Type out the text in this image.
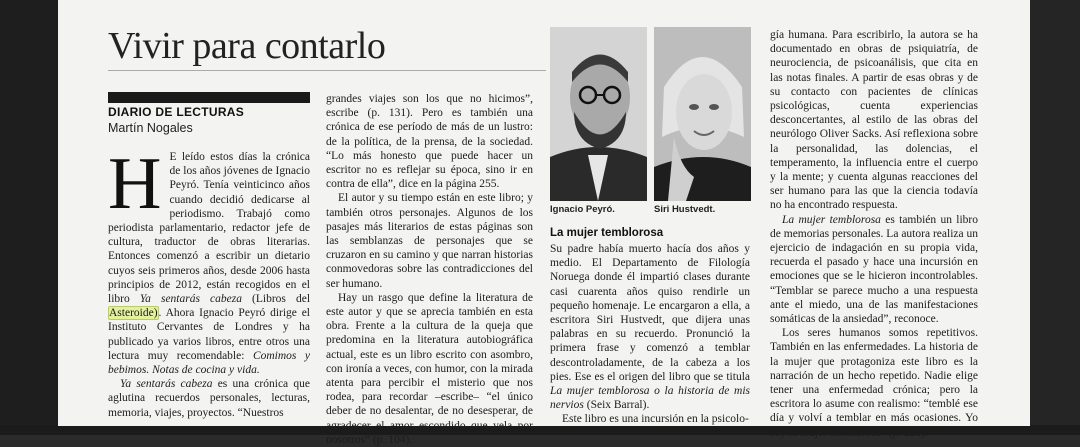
Vivir para contarlo
DIARIO DE LECTURAS
Martín Nogales

H E leído estos días la crónica de los años jóvenes de Ignacio Peyró. Tenía veinticinco años cuando decidió dedicarse al periodismo. Trabajó como periodista parlamentario, redactor jefe de cultura, traductor de obras literarias. Entonces comenzó a escribir un dietario cuyos seis primeros años, desde 2006 hasta principios de 2012, están recogidos en el libro Ya sentarás cabeza (Libros del Asteroide). Ahora Ignacio Peyró dirige el Instituto Cervantes de Londres y ha publicado ya varios libros, entre otros una lectura muy recomendable: Comimos y bebimos. Notas de cocina y vida.

Ya sentarás cabeza es una crónica que aglutina recuerdos personales, lecturas, memoria, viajes, proyectos. “Nuestros

grandes viajes son los que no hicimos”, escribe (p. 131). Pero es también una crónica de ese período de más de un lustro: de la política, de la prensa, de la sociedad. “Lo más honesto que puede hacer un escritor no es reflejar su época, sino ir en contra de ella”, dice en la página 255.

El autor y su tiempo están en este libro; y también otros personajes. Algunos de los pasajes más literarios de estas páginas son las semblanzas de personajes que se cruzaron en su camino y que narran historias conmovedoras sobre las contradicciones del ser humano.

Hay un rasgo que define la literatura de este autor y que se aprecia también en esta obra. Frente a la cultura de la queja que predomina en la literatura autobiográfica actual, este es un libro escrito con asombro, con ironía a veces, con humor, con la mirada atenta para percibir el misterio que nos rodea, para recordar –escribe– “el único deber de no desalentar, de no desesperar, de agradecer el amor escondido que vela por nosotros” (p. 104).

Ignacio Peyró.	Siri Hustvedt.
La mujer temblorosa

Su padre había muerto hacía dos años y medio. El Departamento de Filología Noruega donde él impartió clases durante casi cuarenta años quiso rendirle un pequeño homenaje. Le encargaron a ella, a escritora Siri Hustvedt, que dijera unas palabras en su recuerdo. Pronunció la primera frase y comenzó a temblar descontroladamente, de la cabeza a los pies. Ese es el origen del libro que se titula La mujer temblorosa o la historia de mis nervios (Seix Barral).

Este libro es una incursión en la psicolo-

gía humana. Para escribirlo, la autora se ha documentado en obras de psiquiatría, de neurociencia, de psicoanálisis, que cita en las notas finales. A partir de esas obras y de su contacto con pacientes de clínicas psicológicas, cuenta experiencias desconcertantes, al estilo de las obras del neurólogo Oliver Sacks. Así reflexiona sobre la personalidad, las dolencias, el temperamento, la influencia entre el cuerpo y la mente; y cuenta algunas reacciones del ser humano para las que la ciencia todavía no ha encontrado respuesta.

La mujer temblorosa es también un libro de memorias personales. La autora realiza un ejercicio de indagación en su propia vida, recuerda el pasado y hace una incursión en emociones que se le hicieron incontrolables. “Temblar se parece mucho a una respuesta ante el miedo, una de las manifestaciones somáticas de la ansiedad”, reconoce.

Los seres humanos somos repetitivos. También en las enfermedades. La historia de la mujer que protagoniza este libro es la narración de un hecho repetido. Nadie elige tener una enfermedad crónica; pero la escritora lo asume con realismo: “temblé ese día y volví a temblar en más ocasiones. Yo soy la mujer temblorosa” (p. 220).
